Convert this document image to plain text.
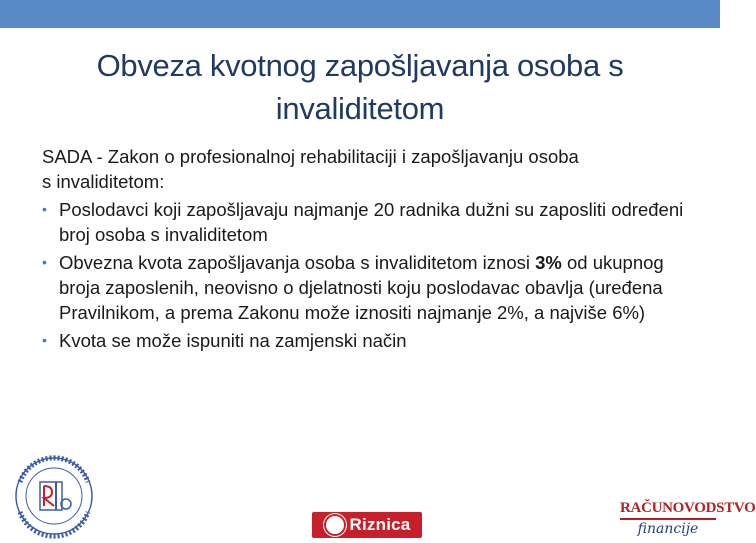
Obveza kvotnog zapošljavanja osoba s
invaliditetom

SADA - Zakon o profesionalnoj rehabilitaciji i zapošljavanju osoba
s invaliditetom:

• Poslodavci koji zapošljavaju najmanje 20 radnika dužni su zaposliti određeni broj osoba s invaliditetom
• Obvezna kvota zapošljavanja osoba s invaliditetom iznosi 3% od ukupnog broja zaposlenih, neovisno o djelatnosti koju poslodavac obavlja (uređena Pravilnikom, a prema Zakonu može iznositi najmanje 2%, a najviše 6%)
• Kvota se može ispuniti na zamjenski način
Riznica
RAČUNOVODSTVO
financije
